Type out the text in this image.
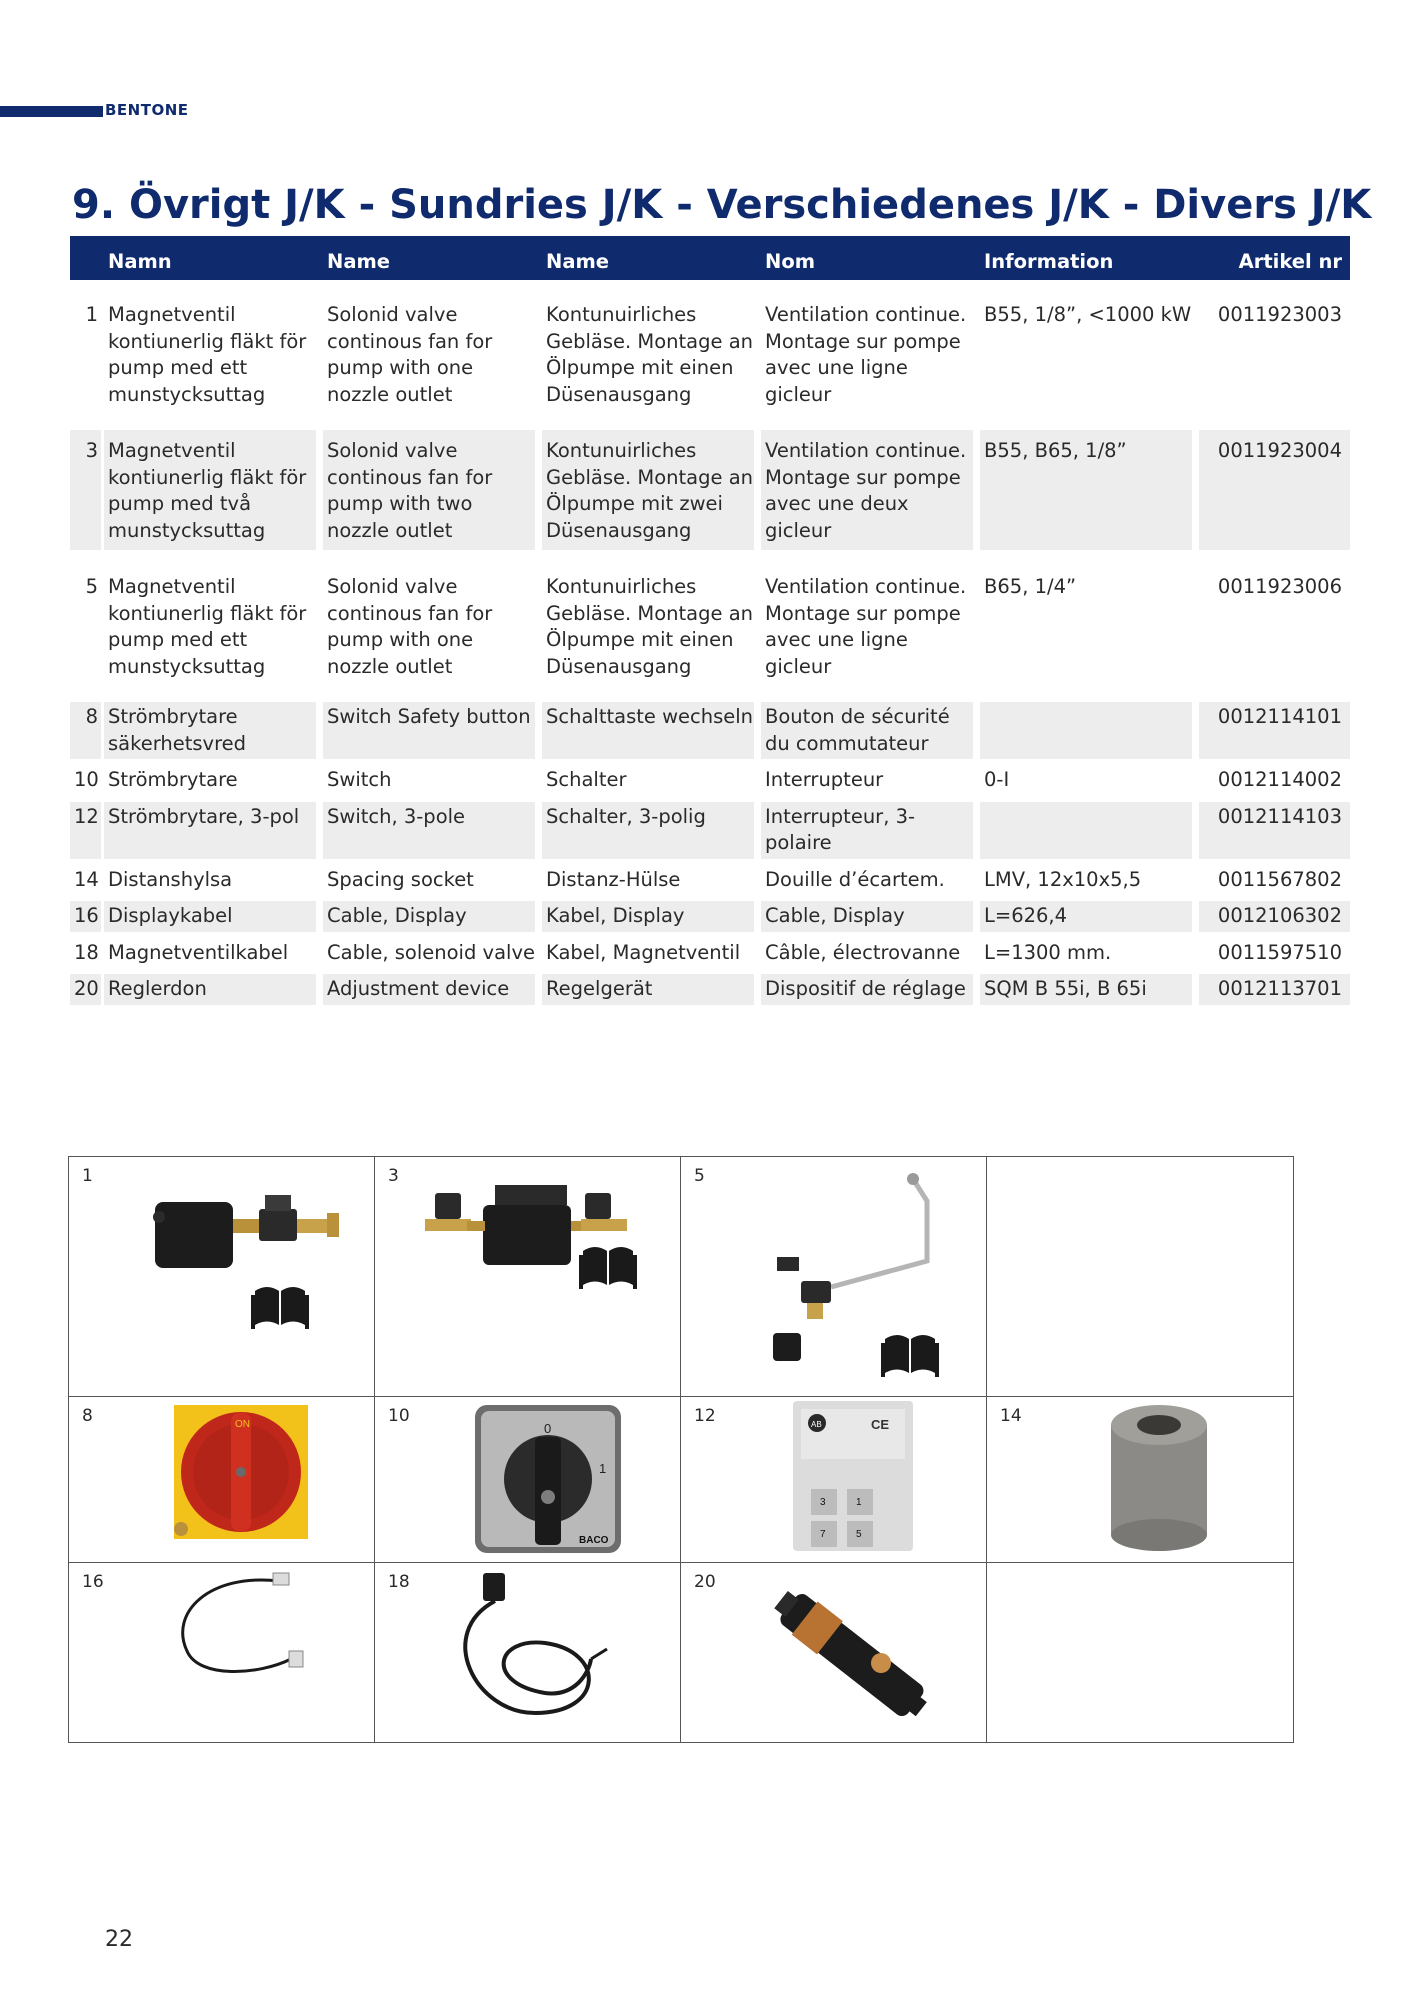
BENTONE
9. Övrigt J/K - Sundries J/K - Verschiedenes J/K - Divers J/K
	Namn	Name	Name	Nom	Information	Artikel nr
1	Magnetventil kontiunerlig fläkt för pump med ett munstycksuttag	Solonid valve continous fan for pump with one nozzle outlet	Kontunuirliches Gebläse. Montage an Ölpumpe mit einen Düsenausgang	Ventilation continue. Montage sur pompe avec une ligne gicleur	B55, 1/8”, <1000 kW	0011923003

3	Magnetventil kontiunerlig fläkt för pump med två munstycksuttag	Solonid valve continous fan for pump with two nozzle outlet	Kontunuirliches Gebläse. Montage an Ölpumpe mit zwei Düsenausgang	Ventilation continue. Montage sur pompe avec une deux gicleur	B55, B65, 1/8”	0011923004

5	Magnetventil kontiunerlig fläkt för pump med ett munstycksuttag	Solonid valve continous fan for pump with one nozzle outlet	Kontunuirliches Gebläse. Montage an Ölpumpe mit einen Düsenausgang	Ventilation continue. Montage sur pompe avec une ligne gicleur	B65, 1/4”	0011923006

8	Strömbrytare säkerhetsvred	Switch Safety button	Schalttaste wechseln	Bouton de sécurité du commutateur		0012114101

10	Strömbrytare	Switch	Schalter	Interrupteur	0-I	0012114002

12	Strömbrytare, 3-pol	Switch, 3-pole	Schalter, 3-polig	Interrupteur, 3-polaire		0012114103

14	Distanshylsa	Spacing socket	Distanz-Hülse	Douille d’écartem.	LMV, 12x10x5,5	0011567802

16	Displaykabel	Cable, Display	Kabel, Display	Cable, Display	L=626,4	0012106302

18	Magnetventilkabel	Cable, solenoid valve	Kabel, Magnetventil	Câble, électrovanne	L=1300 mm.	0011597510

20	Reglerdon	Adjustment device	Regelgerät	Dispositif de réglage	SQM B 55i, B 65i	0012113701
1	3	5
8	ON	10
0
1
BACO
12	AB	CE
3	1
7	5
14
16	18	20
22
